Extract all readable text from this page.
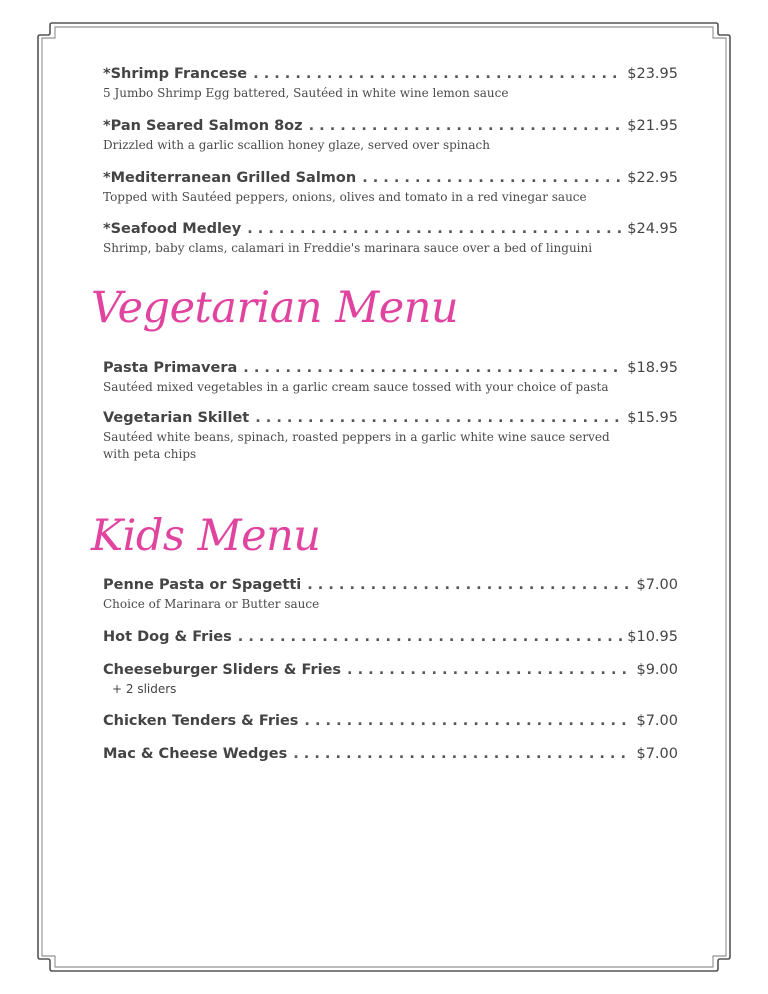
*Shrimp Francese . . .	$23.95
5 Jumbo Shrimp Egg battered, Sautéed in white wine lemon sauce
*Pan Seared Salmon 8oz . . .	$21.95
Drizzled with a garlic scallion honey glaze, served over spinach
*Mediterranean Grilled Salmon . . .	$22.95
Topped with Sautéed peppers, onions, olives and tomato in a red vinegar sauce
*Seafood Medley . . .	$24.95
Shrimp, baby clams, calamari in Freddie's marinara sauce over a bed of linguini
Vegetarian Menu
Pasta Primavera . . .	$18.95
Sautéed mixed vegetables in a garlic cream sauce tossed with your choice of pasta
Vegetarian Skillet . . .	$15.95
Sautéed white beans, spinach, roasted peppers in a garlic white wine sauce served with peta chips
Kids Menu
Penne Pasta or Spagetti . . .	$7.00
Choice of Marinara or Butter sauce
Hot Dog & Fries . . .	$10.95
Cheeseburger Sliders & Fries . . .	$9.00
+ 2 sliders
Chicken Tenders & Fries . . .	$7.00
Mac & Cheese Wedges . . .	$7.00
